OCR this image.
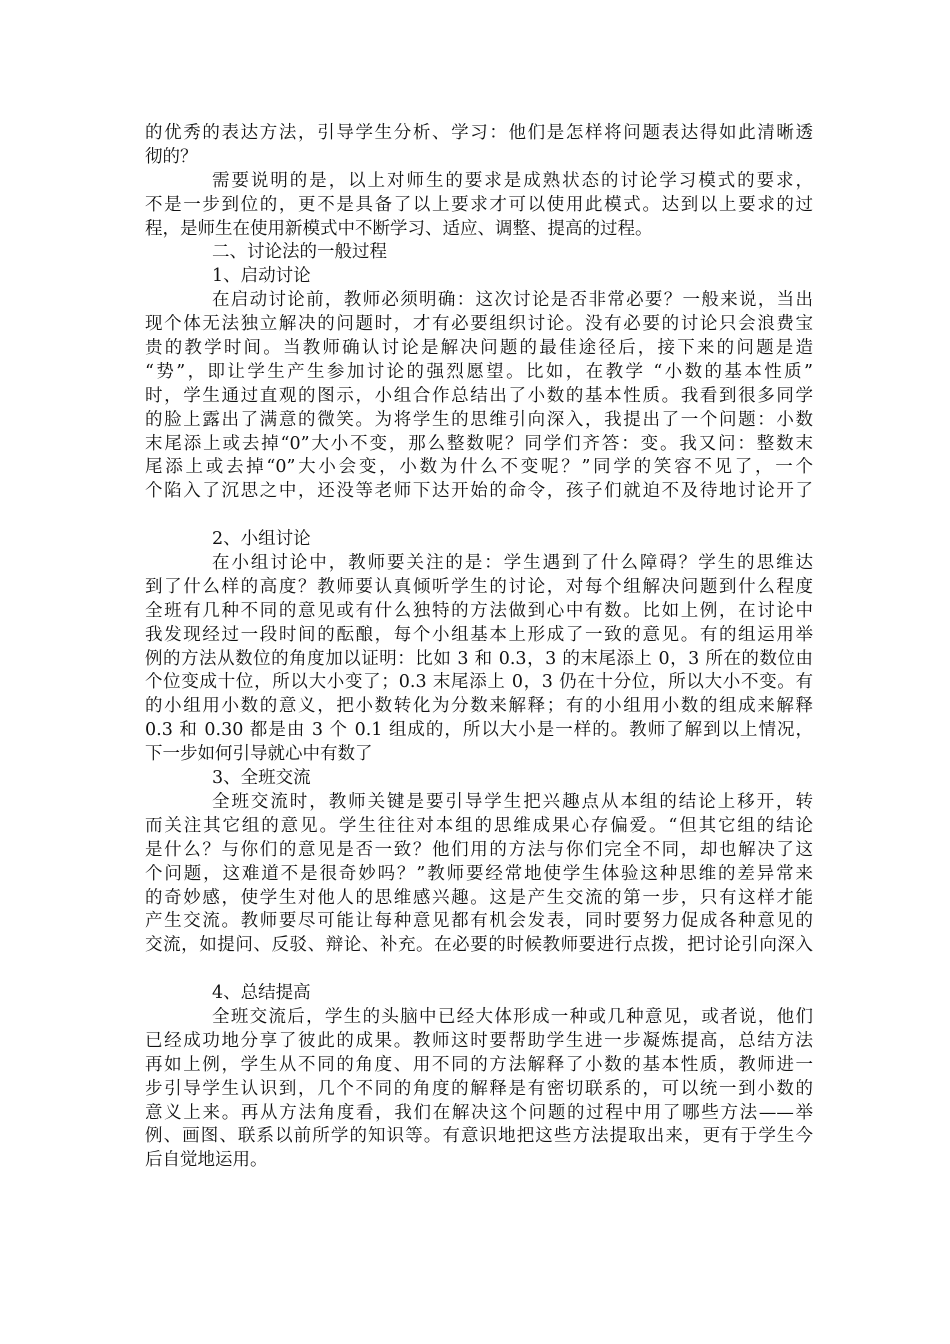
的优秀的表达方法，引导学生分析、学习：他们是怎样将问题表达得如此清晰透
彻的？
需要说明的是，以上对师生的要求是成熟状态的讨论学习模式的要求，
不是一步到位的，更不是具备了以上要求才可以使用此模式。达到以上要求的过
程，是师生在使用新模式中不断学习、适应、调整、提高的过程。
二、讨论法的一般过程
1、启动讨论
在启动讨论前，教师必须明确：这次讨论是否非常必要？一般来说，当出
现个体无法独立解决的问题时，才有必要组织讨论。没有必要的讨论只会浪费宝
贵的教学时间。当教师确认讨论是解决问题的最佳途径后，接下来的问题是造
“势”，即让学生产生参加讨论的强烈愿望。比如，在教学 “小数的基本性质”
时，学生通过直观的图示，小组合作总结出了小数的基本性质。我看到很多同学
的脸上露出了满意的微笑。为将学生的思维引向深入，我提出了一个问题：小数
末尾添上或去掉“0”大小不变，那么整数呢？同学们齐答：变。我又问：整数末
尾添上或去掉“0”大小会变，小数为什么不变呢？”同学的笑容不见了，一个
个陷入了沉思之中，还没等老师下达开始的命令，孩子们就迫不及待地讨论开了
2、小组讨论
在小组讨论中，教师要关注的是：学生遇到了什么障碍？学生的思维达
到了什么样的高度？教师要认真倾听学生的讨论，对每个组解决问题到什么程度
全班有几种不同的意见或有什么独特的方法做到心中有数。比如上例，在讨论中
我发现经过一段时间的酝酿，每个小组基本上形成了一致的意见。有的组运用举
例的方法从数位的角度加以证明：比如 3 和 0.3，3 的末尾添上 0，3 所在的数位由
个位变成十位，所以大小变了；0.3 末尾添上 0，3 仍在十分位，所以大小不变。有
的小组用小数的意义，把小数转化为分数来解释；有的小组用小数的组成来解释
0.3 和 0.30 都是由 3 个 0.1 组成的，所以大小是一样的。教师了解到以上情况，
下一步如何引导就心中有数了
3、全班交流
全班交流时，教师关键是要引导学生把兴趣点从本组的结论上移开，转
而关注其它组的意见。学生往往对本组的思维成果心存偏爱。“但其它组的结论
是什么？与你们的意见是否一致？他们用的方法与你们完全不同，却也解决了这
个问题，这难道不是很奇妙吗？”教师要经常地使学生体验这种思维的差异常来
的奇妙感，使学生对他人的思维感兴趣。这是产生交流的第一步，只有这样才能
产生交流。教师要尽可能让每种意见都有机会发表，同时要努力促成各种意见的
交流，如提问、反驳、辩论、补充。在必要的时候教师要进行点拨，把讨论引向深入
4、总结提高
全班交流后，学生的头脑中已经大体形成一种或几种意见，或者说，他们
已经成功地分享了彼此的成果。教师这时要帮助学生进一步凝炼提高，总结方法
再如上例，学生从不同的角度、用不同的方法解释了小数的基本性质，教师进一
步引导学生认识到，几个不同的角度的解释是有密切联系的，可以统一到小数的
意义上来。再从方法角度看，我们在解决这个问题的过程中用了哪些方法——举
例、画图、联系以前所学的知识等。有意识地把这些方法提取出来，更有于学生今
后自觉地运用。
